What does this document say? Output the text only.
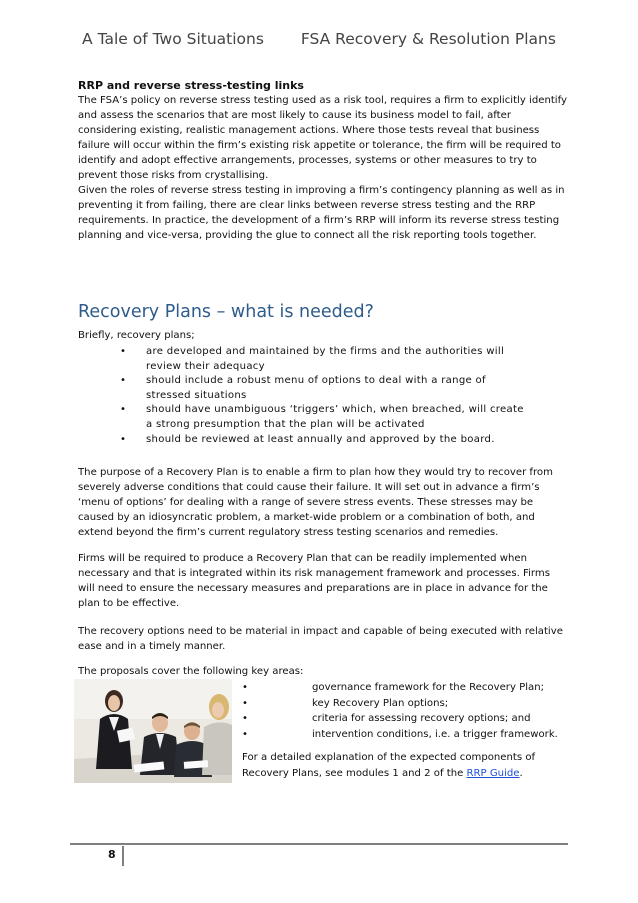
A Tale of Two Situations FSA Recovery & Resolution Plans

RRP and reverse stress-testing links

The FSA’s policy on reverse stress testing used as a risk tool, requires a firm to explicitly identify and assess the scenarios that are most likely to cause its business model to fail, after considering existing, realistic management actions. Where those tests reveal that business failure will occur within the firm’s existing risk appetite or tolerance, the firm will be required to identify and adopt effective arrangements, processes, systems or other measures to try to prevent those risks from crystallising.

Given the roles of reverse stress testing in improving a firm’s contingency planning as well as in preventing it from failing, there are clear links between reverse stress testing and the RRP requirements. In practice, the development of a firm’s RRP will inform its reverse stress testing planning and vice-versa, providing the glue to connect all the risk reporting tools together.

Recovery Plans – what is needed?
Briefly, recovery plans;
• are developed and maintained by the firms and the authorities will review their adequacy
• should include a robust menu of options to deal with a range of stressed situations
• should have unambiguous ‘triggers’ which, when breached, will create a strong presumption that the plan will be activated
• should be reviewed at least annually and approved by the board.

The purpose of a Recovery Plan is to enable a firm to plan how they would try to recover from severely adverse conditions that could cause their failure. It will set out in advance a firm’s ‘menu of options’ for dealing with a range of severe stress events. These stresses may be caused by an idiosyncratic problem, a market-wide problem or a combination of both, and extend beyond the firm’s current regulatory stress testing scenarios and remedies.

Firms will be required to produce a Recovery Plan that can be readily implemented when necessary and that is integrated within its risk management framework and processes. Firms will need to ensure the necessary measures and preparations are in place in advance for the plan to be effective.

The recovery options need to be material in impact and capable of being executed with relative ease and in a timely manner.

The proposals cover the following key areas:

•	governance framework for the Recovery Plan;
•	key Recovery Plan options;
•	criteria for assessing recovery options; and
•	intervention conditions, i.e. a trigger framework.

For a detailed explanation of the expected components of Recovery Plans, see modules 1 and 2 of the RRP Guide.

8
